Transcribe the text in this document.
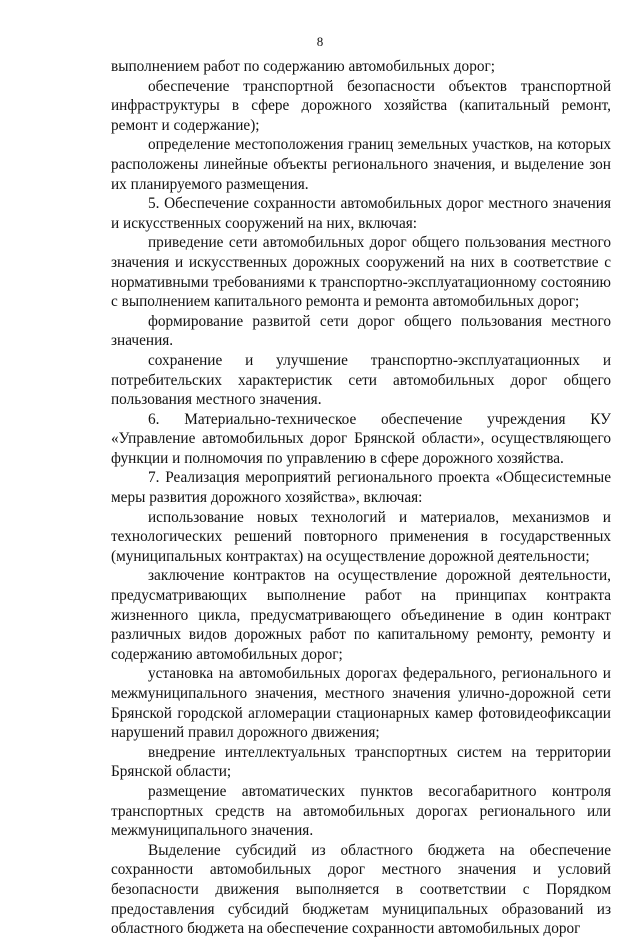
8

выполнением работ по содержанию автомобильных дорог;

обеспечение транспортной безопасности объектов транспортной инфраструктуры в сфере дорожного хозяйства (капитальный ремонт, ремонт и содержание);

определение местоположения границ земельных участков, на которых расположены линейные объекты регионального значения, и выделение зон их планируемого размещения.

5. Обеспечение сохранности автомобильных дорог местного значения и искусственных сооружений на них, включая:

приведение сети автомобильных дорог общего пользования местного значения и искусственных дорожных сооружений на них в соответствие с нормативными требованиями к транспортно-эксплуатационному состоянию с выполнением капитального ремонта и ремонта автомобильных дорог;

формирование развитой сети дорог общего пользования местного значения.

сохранение и улучшение транспортно-эксплуатационных и потребительских характеристик сети автомобильных дорог общего пользования местного значения.

6. Материально-техническое обеспечение учреждения КУ «Управление автомобильных дорог Брянской области», осуществляющего функции и полномочия по управлению в сфере дорожного хозяйства.

7. Реализация мероприятий регионального проекта «Общесистемные меры развития дорожного хозяйства», включая:

использование новых технологий и материалов, механизмов и технологических решений повторного применения в государственных (муниципальных контрактах) на осуществление дорожной деятельности;

заключение контрактов на осуществление дорожной деятельности, предусматривающих выполнение работ на принципах контракта жизненного цикла, предусматривающего объединение в один контракт различных видов дорожных работ по капитальному ремонту, ремонту и содержанию автомобильных дорог;

установка на автомобильных дорогах федерального, регионального и межмуниципального значения, местного значения улично-дорожной сети Брянской городской агломерации стационарных камер фотовидеофиксации нарушений правил дорожного движения;

внедрение интеллектуальных транспортных систем на территории Брянской области;

размещение автоматических пунктов весогабаритного контроля транспортных средств на автомобильных дорогах регионального или межмуниципального значения.

Выделение субсидий из областного бюджета на обеспечение сохранности автомобильных дорог местного значения и условий безопасности движения выполняется в соответствии с Порядком предоставления субсидий бюджетам муниципальных образований из областного бюджета на обеспечение сохранности автомобильных дорог
